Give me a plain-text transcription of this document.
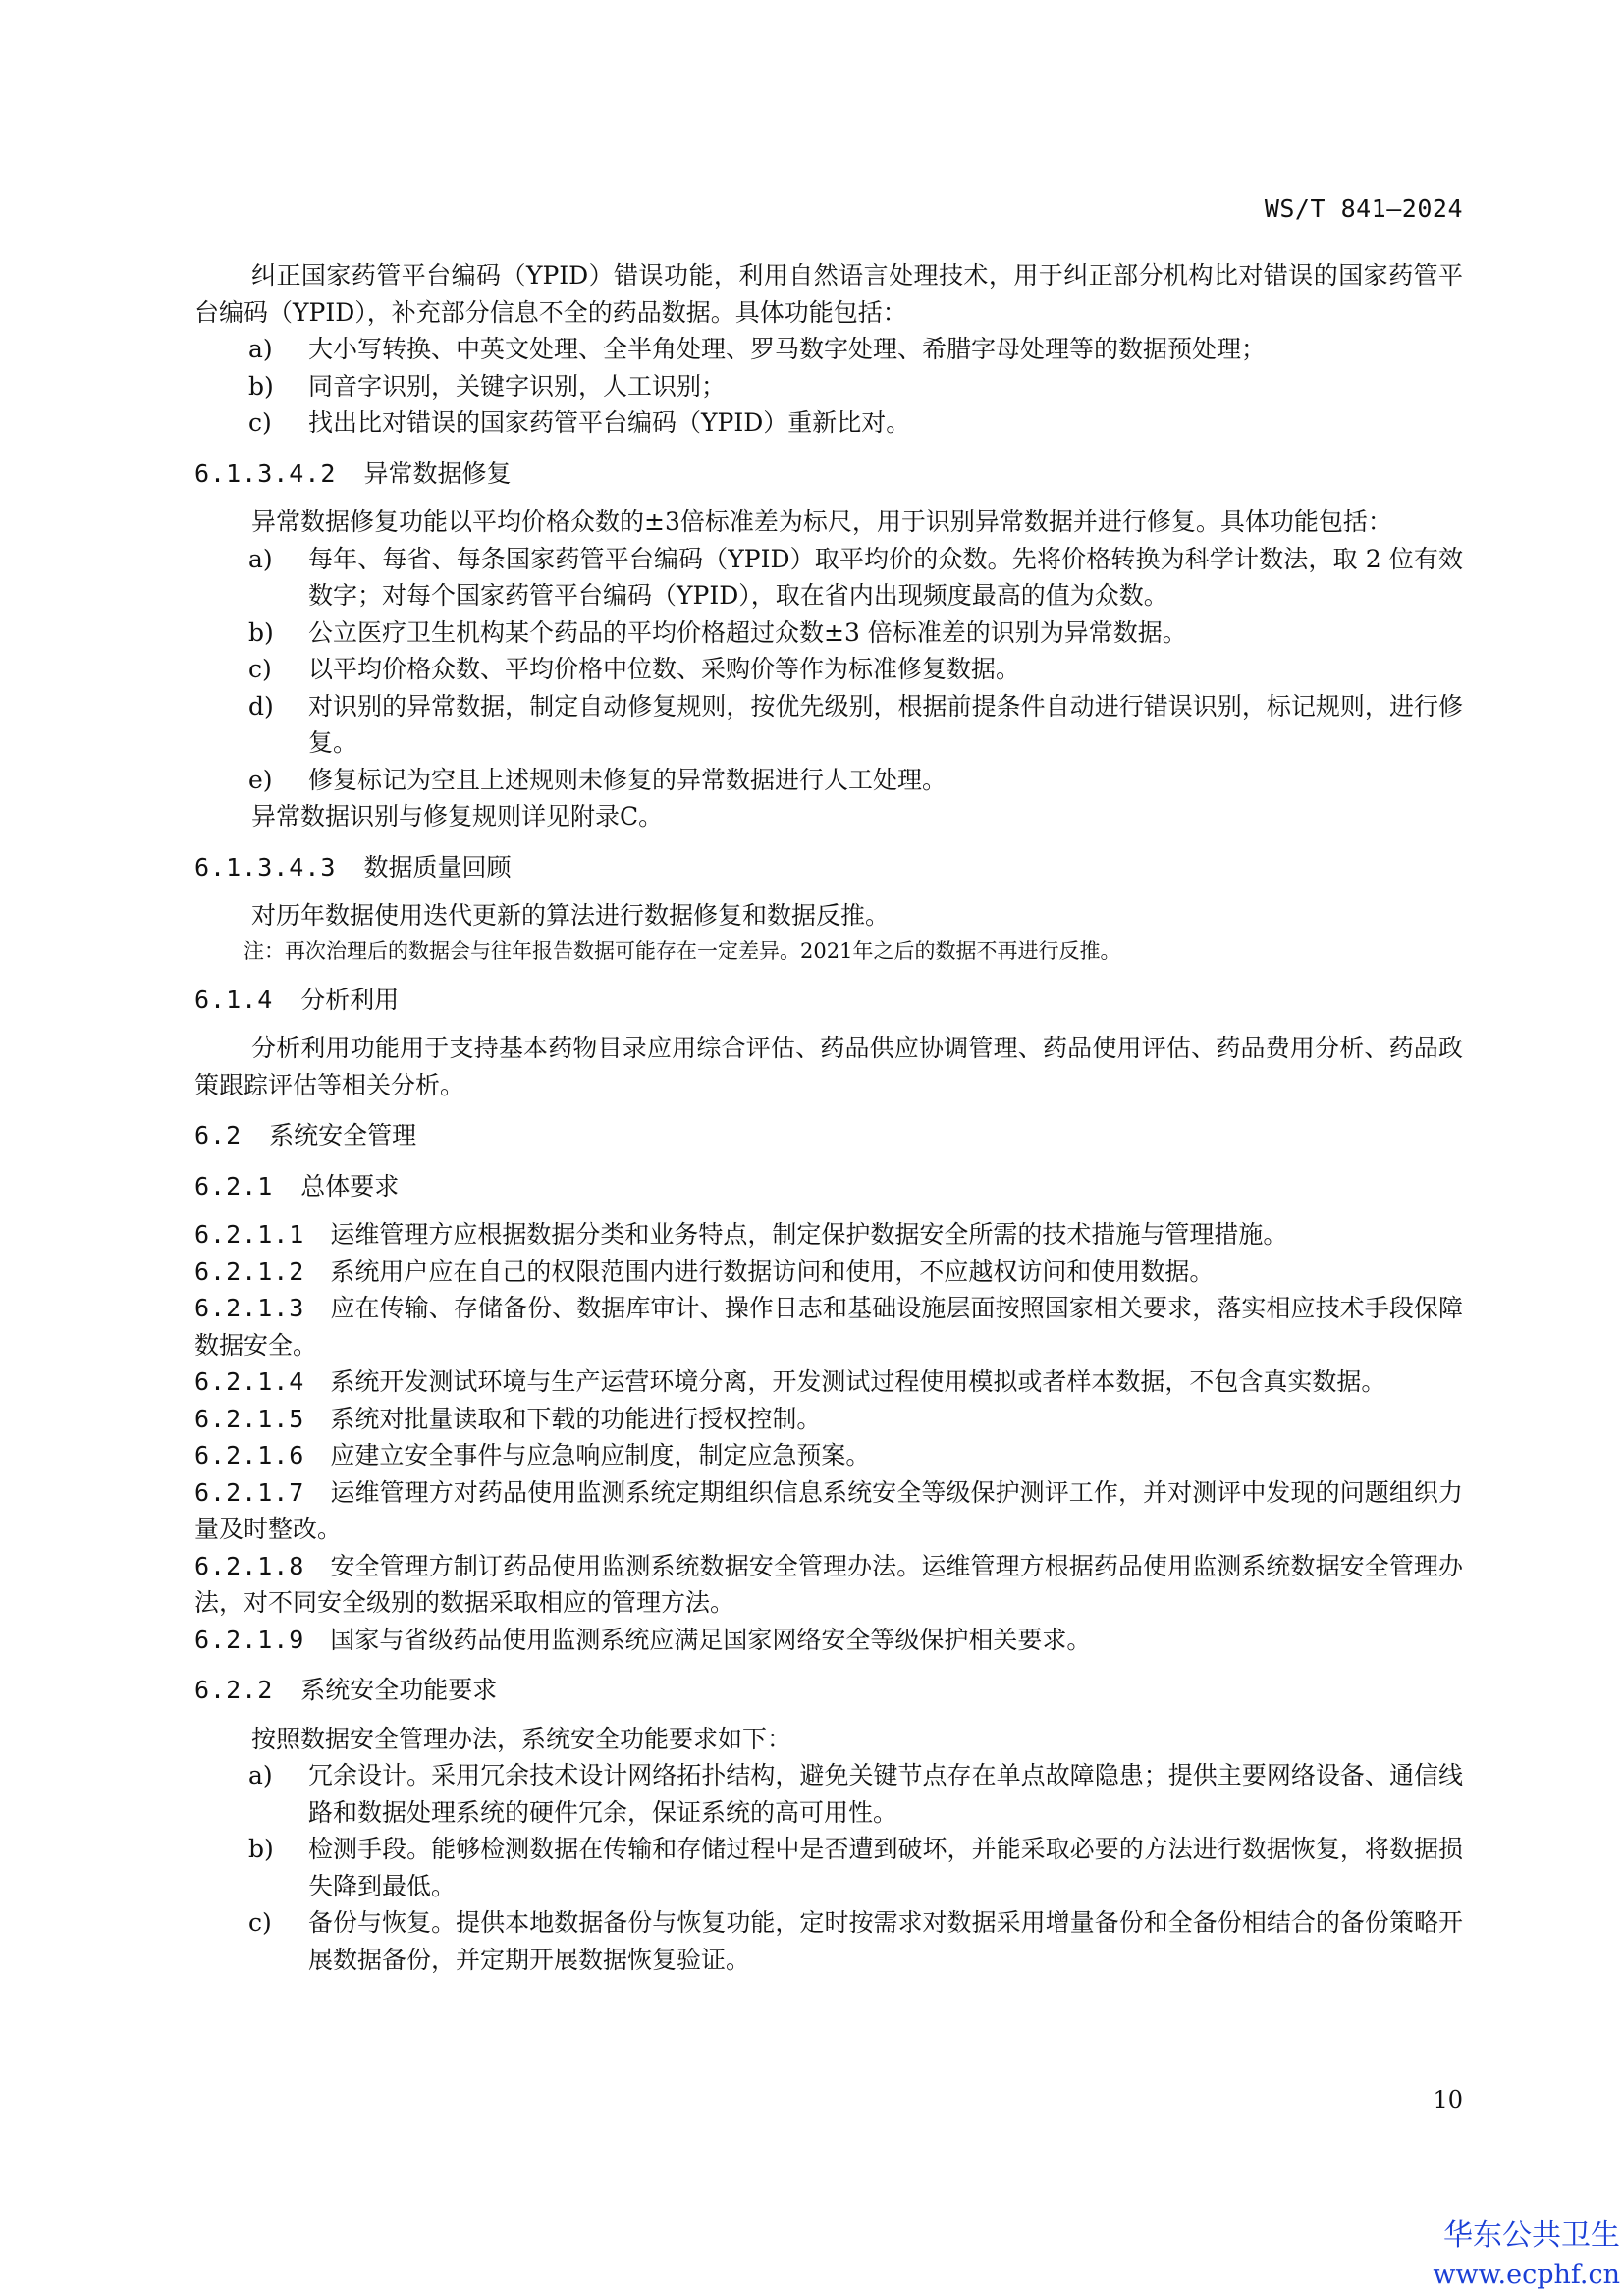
WS/T 841—2024

纠正国家药管平台编码（YPID）错误功能，利用自然语言处理技术，用于纠正部分机构比对错误的国家药管平台编码（YPID），补充部分信息不全的药品数据。具体功能包括：

a) 大小写转换、中英文处理、全半角处理、罗马数字处理、希腊字母处理等的数据预处理；
b) 同音字识别，关键字识别，人工识别；
c) 找出比对错误的国家药管平台编码（YPID）重新比对。
6.1.3.4.2 异常数据修复

异常数据修复功能以平均价格众数的±3倍标准差为标尺，用于识别异常数据并进行修复。具体功能包括：

a) 每年、每省、每条国家药管平台编码（YPID）取平均价的众数。先将价格转换为科学计数法，取 2 位有效数字；对每个国家药管平台编码（YPID），取在省内出现频度最高的值为众数。
b) 公立医疗卫生机构某个药品的平均价格超过众数±3 倍标准差的识别为异常数据。
c) 以平均价格众数、平均价格中位数、采购价等作为标准修复数据。
d) 对识别的异常数据，制定自动修复规则，按优先级别，根据前提条件自动进行错误识别，标记规则，进行修复。
e) 修复标记为空且上述规则未修复的异常数据进行人工处理。

异常数据识别与修复规则详见附录C。

6.1.3.4.3 数据质量回顾

对历年数据使用迭代更新的算法进行数据修复和数据反推。

注：再次治理后的数据会与往年报告数据可能存在一定差异。2021年之后的数据不再进行反推。

6.1.4 分析利用

分析利用功能用于支持基本药物目录应用综合评估、药品供应协调管理、药品使用评估、药品费用分析、药品政策跟踪评估等相关分析。

6.2 系统安全管理
6.2.1 总体要求

6.2.1.1 运维管理方应根据数据分类和业务特点，制定保护数据安全所需的技术措施与管理措施。

6.2.1.2 系统用户应在自己的权限范围内进行数据访问和使用，不应越权访问和使用数据。

6.2.1.3 应在传输、存储备份、数据库审计、操作日志和基础设施层面按照国家相关要求，落实相应技术手段保障数据安全。

6.2.1.4 系统开发测试环境与生产运营环境分离，开发测试过程使用模拟或者样本数据，不包含真实数据。

6.2.1.5 系统对批量读取和下载的功能进行授权控制。

6.2.1.6 应建立安全事件与应急响应制度，制定应急预案。

6.2.1.7 运维管理方对药品使用监测系统定期组织信息系统安全等级保护测评工作，并对测评中发现的问题组织力量及时整改。

6.2.1.8 安全管理方制订药品使用监测系统数据安全管理办法。运维管理方根据药品使用监测系统数据安全管理办法，对不同安全级别的数据采取相应的管理方法。

6.2.1.9 国家与省级药品使用监测系统应满足国家网络安全等级保护相关要求。

6.2.2 系统安全功能要求

按照数据安全管理办法，系统安全功能要求如下：

a) 冗余设计。采用冗余技术设计网络拓扑结构，避免关键节点存在单点故障隐患；提供主要网络设备、通信线路和数据处理系统的硬件冗余，保证系统的高可用性。
b) 检测手段。能够检测数据在传输和存储过程中是否遭到破坏，并能采取必要的方法进行数据恢复，将数据损失降到最低。
c) 备份与恢复。提供本地数据备份与恢复功能，定时按需求对数据采用增量备份和全备份相结合的备份策略开展数据备份，并定期开展数据恢复验证。
10
华东公共卫生
www.ecphf.cn
